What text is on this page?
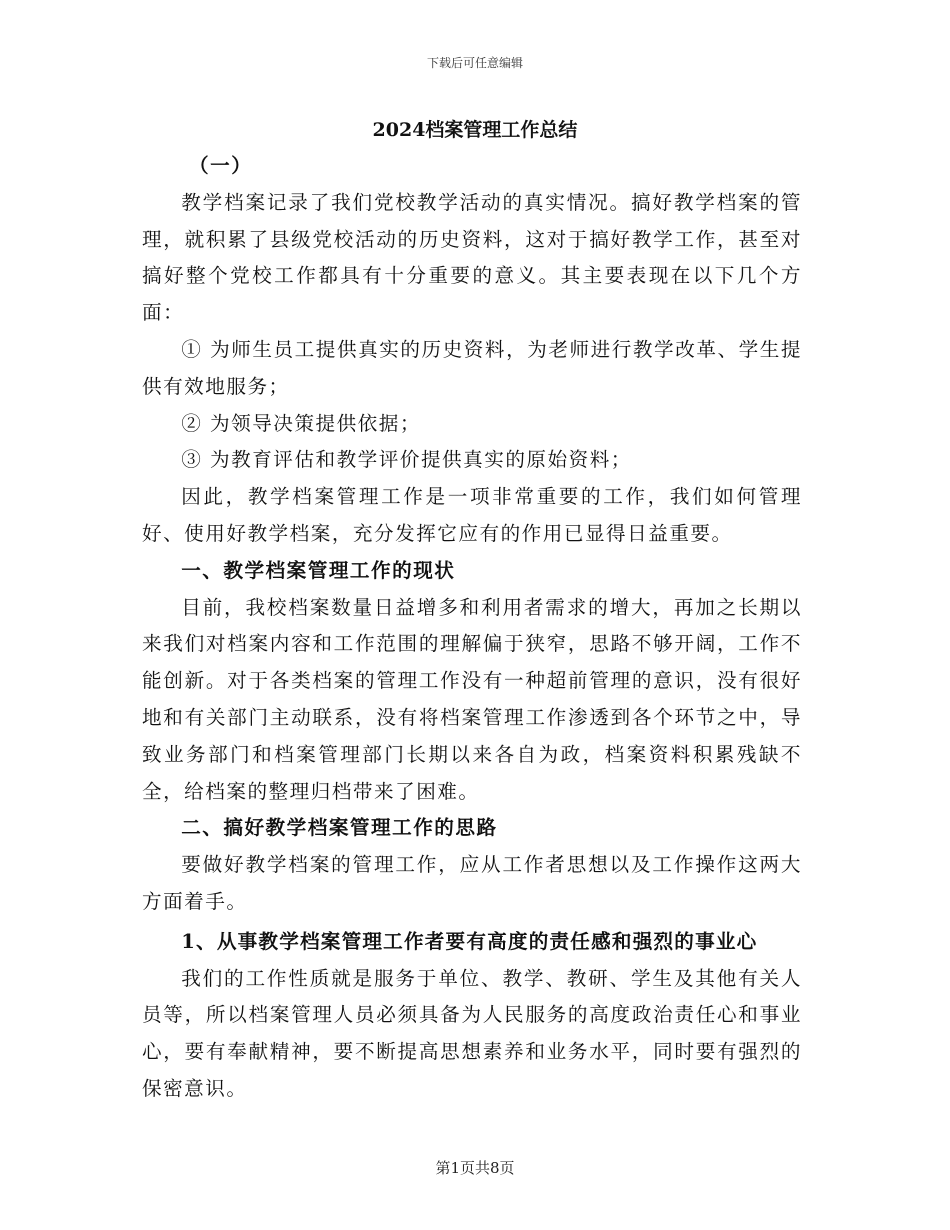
下载后可任意编辑
2024档案管理工作总结

（一）

教学档案记录了我们党校教学活动的真实情况。搞好教学档案的管理，就积累了县级党校活动的历史资料，这对于搞好教学工作，甚至对搞好整个党校工作都具有十分重要的意义。其主要表现在以下几个方面：

① 为师生员工提供真实的历史资料，为老师进行教学改革、学生提供有效地服务；

② 为领导决策提供依据；

③ 为教育评估和教学评价提供真实的原始资料；

因此，教学档案管理工作是一项非常重要的工作，我们如何管理好、使用好教学档案，充分发挥它应有的作用已显得日益重要。

一、教学档案管理工作的现状

目前，我校档案数量日益增多和利用者需求的增大，再加之长期以来我们对档案内容和工作范围的理解偏于狭窄，思路不够开阔，工作不能创新。对于各类档案的管理工作没有一种超前管理的意识，没有很好地和有关部门主动联系，没有将档案管理工作渗透到各个环节之中，导致业务部门和档案管理部门长期以来各自为政，档案资料积累残缺不全，给档案的整理归档带来了困难。

二、搞好教学档案管理工作的思路

要做好教学档案的管理工作，应从工作者思想以及工作操作这两大方面着手。

1、从事教学档案管理工作者要有高度的责任感和强烈的事业心

我们的工作性质就是服务于单位、教学、教研、学生及其他有关人员等，所以档案管理人员必须具备为人民服务的高度政治责任心和事业心，要有奉献精神，要不断提高思想素养和业务水平，同时要有强烈的保密意识。

第1页共8页
